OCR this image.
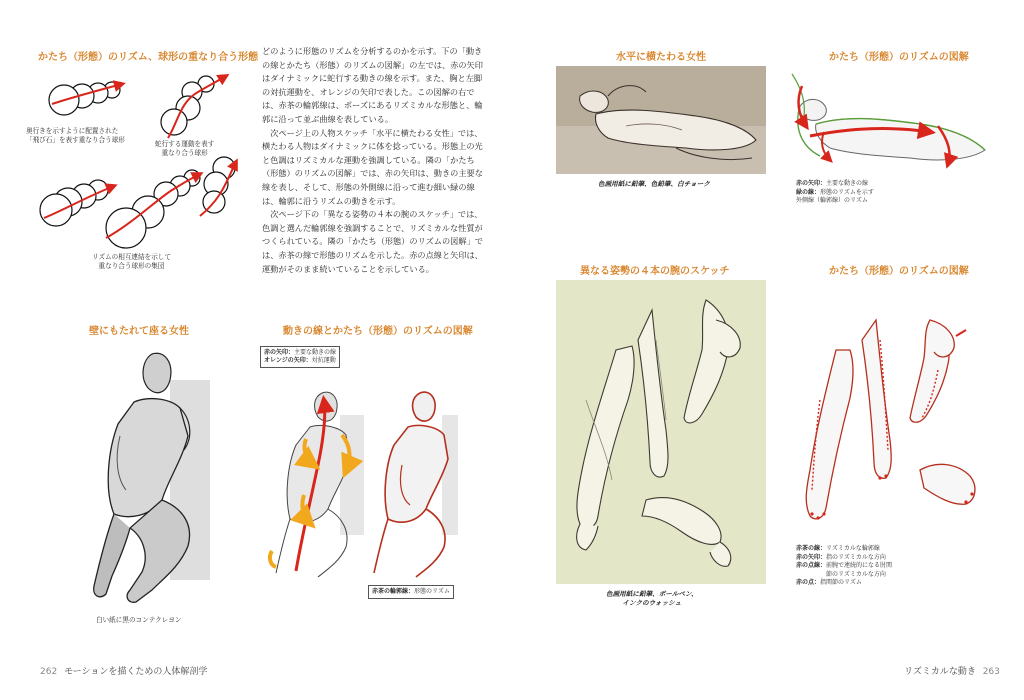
かたち（形態）のリズム、球形の重なり合う形態
奥行きを示すように配置された
「飛び石」を表す重なり合う球形	蛇行する運動を表す
重なり合う球形
リズムの相互連結を示して
重なり合う球形の集団

どのように形態のリズムを分析するのかを示す。下の「動きの線とかたち（形態）のリズムの図解」の左では、赤の矢印はダイナミックに蛇行する動きの線を示す。また、胸と左脚の対抗運動を、オレンジの矢印で表した。この図解の右では、赤茶の輪郭線は、ポーズにあるリズミカルな形態と、輪郭に沿って並ぶ曲線を表している。

次ページ上の人物スケッチ「水平に横たわる女性」では、横たわる人物はダイナミックに体を捻っている。形態上の光と色調はリズミカルな運動を強調している。隣の「かたち（形態）のリズムの図解」では、赤の矢印は、動きの主要な線を表し、そして、形態の外側線に沿って進む細い緑の線は、輪郭に沿うリズムの動きを示す。

次ページ下の「異なる姿勢の４本の腕のスケッチ」では、色調と選んだ輪郭線を強調することで、リズミカルな性質がつくられている。隣の「かたち（形態）のリズムの図解」では、赤茶の線で形態のリズムを示した。赤の点線と矢印は、運動がそのまま続いていることを示している。

壁にもたれて座る女性
白い紙に黒のコンテクレヨン
動きの線とかたち（形態）のリズムの図解
赤の矢印：主要な動きの線
オレンジの矢印：対抗運動
赤茶の輪郭線：形態のリズム
262 モーションを描くための人体解剖学
水平に横たわる女性
色画用紙に鉛筆、色鉛筆、白チョーク
かたち（形態）のリズムの図解
赤の矢印：主要な動きの線
緑の線：形態のリズムを示す
外側線（輪郭線）のリズム
異なる姿勢の４本の腕のスケッチ
色画用紙に鉛筆、ボールペン、
インクのウォッシュ
かたち（形態）のリズムの図解
赤茶の線：リズミカルな輪郭線
赤の矢印：指のリズミカルな方向
赤の点線：前腕で連続的になる肘関
節のリズミカルな方向
赤の点：指関節のリズム
リズミカルな動き 263
